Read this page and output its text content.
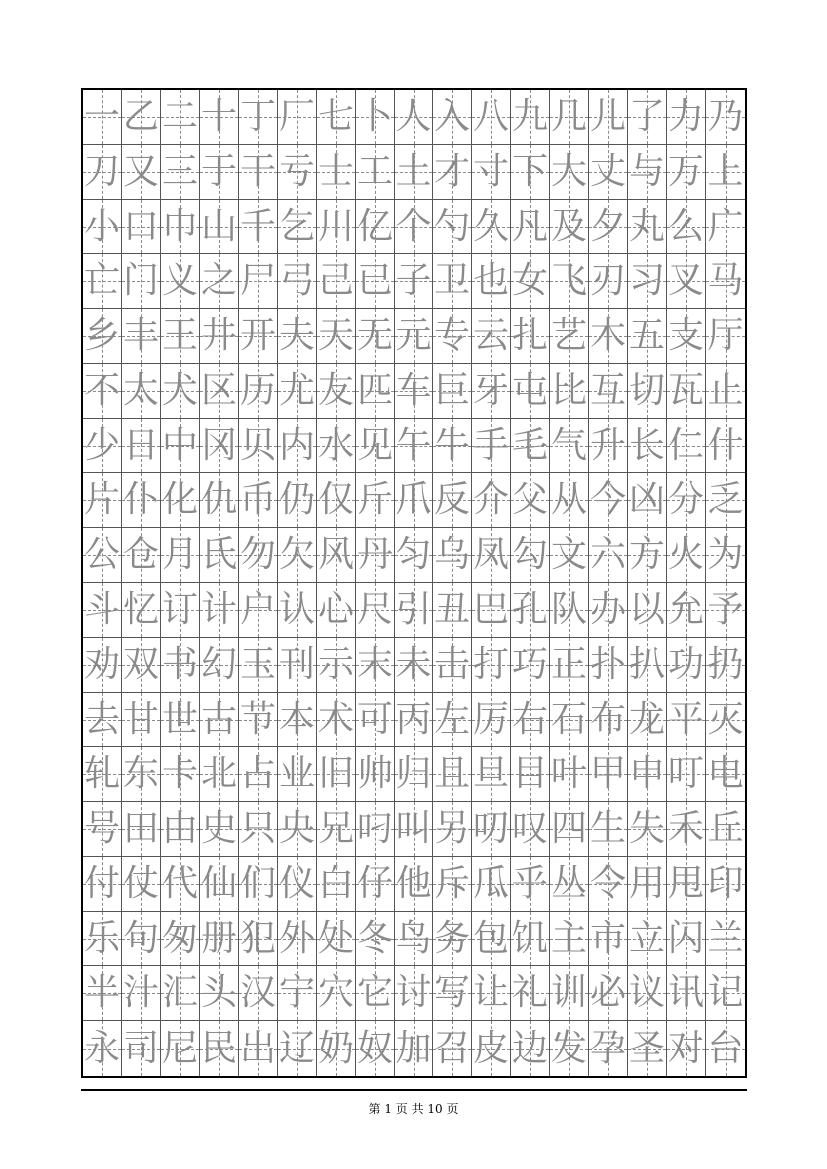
一 乙 二 十 丁 厂 七 卜 人 入 八 九 几 儿 了 力 乃
刀 又 三 于 干 亏 士 工 土 才 寸 下 大 丈 与 万 上
小 口 巾 山 千 乞 川 亿 个 勺 久 凡 及 夕 丸 么 广
亡 门 义 之 尸 弓 己 已 子 卫 也 女 飞 刃 习 叉 马
乡 丰 王 井 开 夫 天 无 元 专 云 扎 艺 木 五 支 厅
不 太 犬 区 历 尤 友 匹 车 巨 牙 屯 比 互 切 瓦 止
少 日 中 冈 贝 内 水 见 午 牛 手 毛 气 升 长 仁 什
片 仆 化 仇 币 仍 仅 斤 爪 反 介 父 从 今 凶 分 乏
公 仓 月 氏 勿 欠 风 丹 匀 乌 凤 勾 文 六 方 火 为
斗 忆 订 计 户 认 心 尺 引 丑 巴 孔 队 办 以 允 予
劝 双 书 幻 玉 刊 示 末 未 击 打 巧 正 扑 扒 功 扔
去 甘 世 古 节 本 术 可 丙 左 厉 右 石 布 龙 平 灭
轧 东 卡 北 占 业 旧 帅 归 且 旦 目 叶 甲 申 叮 电
号 田 由 史 只 央 兄 叼 叫 另 叨 叹 四 生 失 禾 丘
付 仗 代 仙 们 仪 白 仔 他 斥 瓜 乎 丛 令 用 甩 印
乐 句 匆 册 犯 外 处 冬 鸟 务 包 饥 主 市 立 闪 兰
半 汁 汇 头 汉 宁 穴 它 讨 写 让 礼 训 必 议 讯 记
永 司 尼 民 出 辽 奶 奴 加 召 皮 边 发 孕 圣 对 台
第 1 页 共 10 页
